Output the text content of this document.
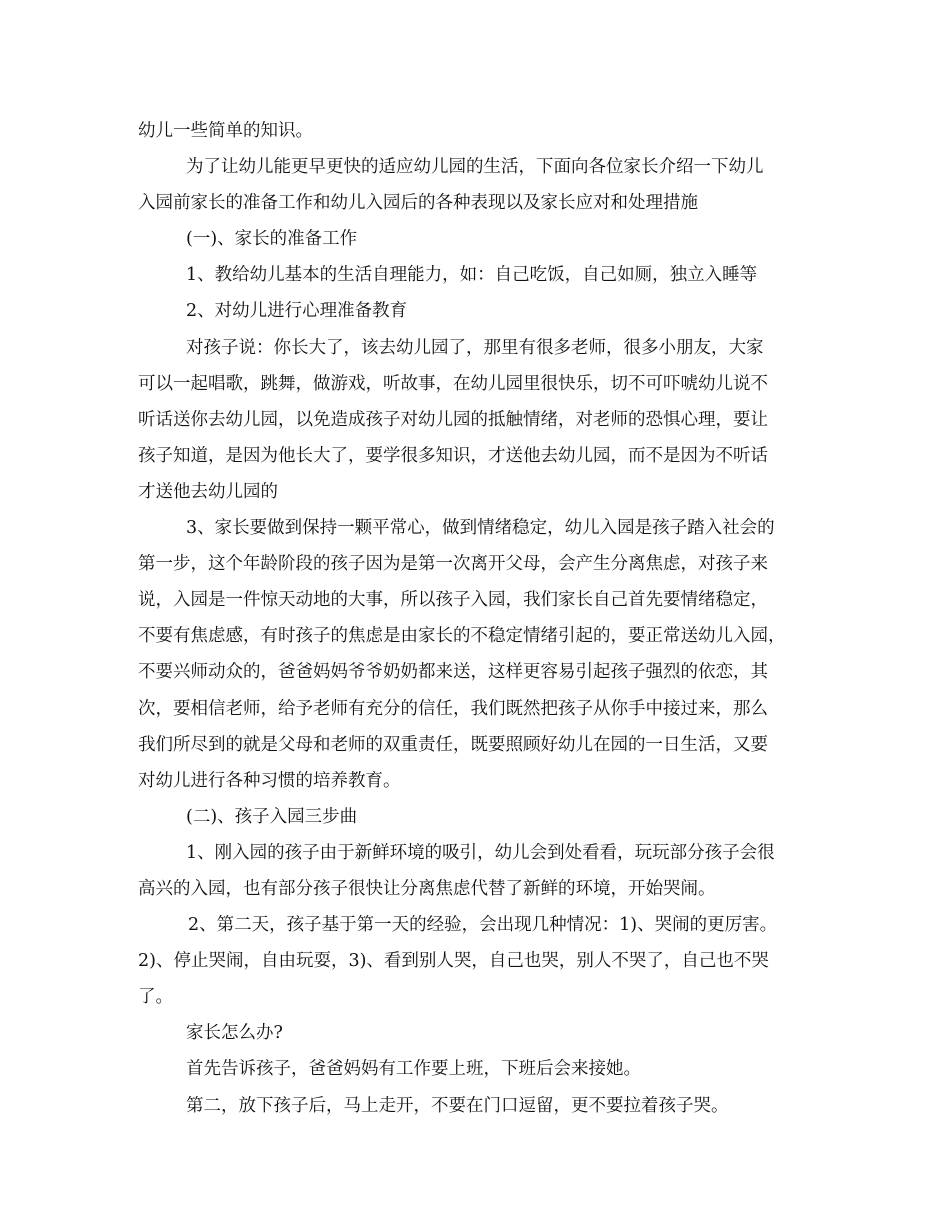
幼儿一些简单的知识。
为了让幼儿能更早更快的适应幼儿园的生活，下面向各位家长介绍一下幼儿
入园前家长的准备工作和幼儿入园后的各种表现以及家长应对和处理措施
(一)、家长的准备工作
1、教给幼儿基本的生活自理能力，如：自己吃饭，自己如厕，独立入睡等
2、对幼儿进行心理准备教育
对孩子说：你长大了，该去幼儿园了，那里有很多老师，很多小朋友，大家
可以一起唱歌，跳舞，做游戏，听故事，在幼儿园里很快乐，切不可吓唬幼儿说不
听话送你去幼儿园，以免造成孩子对幼儿园的抵触情绪，对老师的恐惧心理，要让
孩子知道，是因为他长大了，要学很多知识，才送他去幼儿园，而不是因为不听话
才送他去幼儿园的
3、家长要做到保持一颗平常心，做到情绪稳定，幼儿入园是孩子踏入社会的
第一步，这个年龄阶段的孩子因为是第一次离开父母，会产生分离焦虑，对孩子来
说，入园是一件惊天动地的大事，所以孩子入园，我们家长自己首先要情绪稳定，
不要有焦虑感，有时孩子的焦虑是由家长的不稳定情绪引起的，要正常送幼儿入园，
不要兴师动众的，爸爸妈妈爷爷奶奶都来送，这样更容易引起孩子强烈的依恋，其
次，要相信老师，给予老师有充分的信任，我们既然把孩子从你手中接过来，那么
我们所尽到的就是父母和老师的双重责任，既要照顾好幼儿在园的一日生活，又要
对幼儿进行各种习惯的培养教育。
(二)、孩子入园三步曲
1、刚入园的孩子由于新鲜环境的吸引，幼儿会到处看看，玩玩部分孩子会很
高兴的入园，也有部分孩子很快让分离焦虑代替了新鲜的环境，开始哭闹。
2、第二天，孩子基于第一天的经验，会出现几种情况：1)、哭闹的更厉害。
2)、停止哭闹，自由玩耍，3)、看到别人哭，自己也哭，别人不哭了，自己也不哭
了。
家长怎么办?
首先告诉孩子，爸爸妈妈有工作要上班，下班后会来接她。
第二，放下孩子后，马上走开，不要在门口逗留，更不要拉着孩子哭。
